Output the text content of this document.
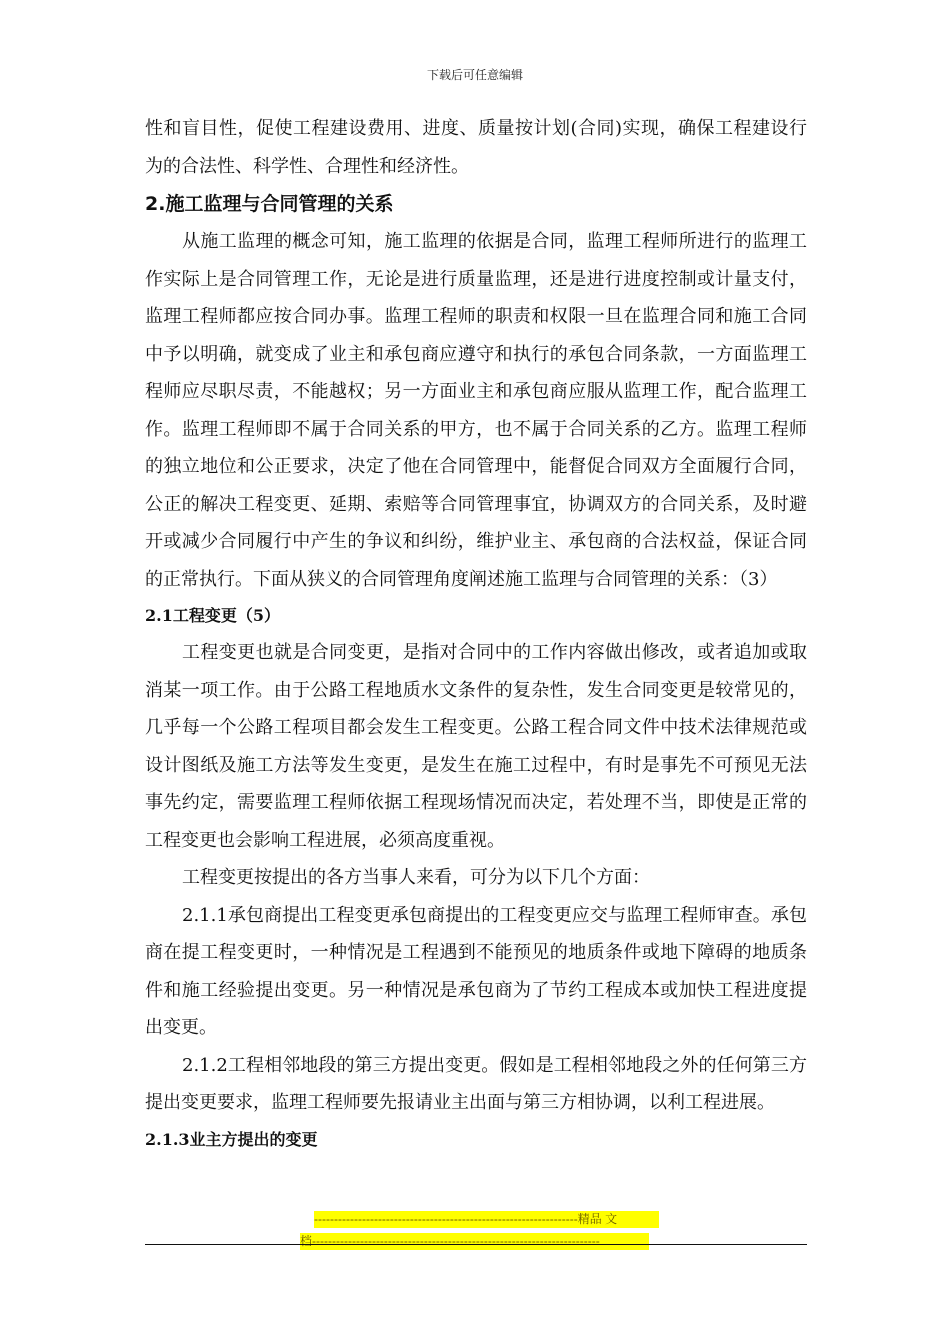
下载后可任意编辑

性和盲目性，促使工程建设费用、进度、质量按计划(合同)实现，确保工程建设行为的合法性、科学性、合理性和经济性。

2.施工监理与合同管理的关系

从施工监理的概念可知，施工监理的依据是合同，监理工程师所进行的监理工作实际上是合同管理工作，无论是进行质量监理，还是进行进度控制或计量支付，监理工程师都应按合同办事。监理工程师的职责和权限一旦在监理合同和施工合同中予以明确，就变成了业主和承包商应遵守和执行的承包合同条款，一方面监理工程师应尽职尽责，不能越权；另一方面业主和承包商应服从监理工作，配合监理工作。监理工程师即不属于合同关系的甲方，也不属于合同关系的乙方。监理工程师的独立地位和公正要求，决定了他在合同管理中，能督促合同双方全面履行合同，公正的解决工程变更、延期、索赔等合同管理事宜，协调双方的合同关系，及时避开或减少合同履行中产生的争议和纠纷，维护业主、承包商的合法权益，保证合同的正常执行。下面从狭义的合同管理角度阐述施工监理与合同管理的关系：（3）

2.1工程变更（5）

工程变更也就是合同变更，是指对合同中的工作内容做出修改，或者追加或取消某一项工作。由于公路工程地质水文条件的复杂性，发生合同变更是较常见的，几乎每一个公路工程项目都会发生工程变更。公路工程合同文件中技术法律规范或设计图纸及施工方法等发生变更，是发生在施工过程中，有时是事先不可预见无法事先约定，需要监理工程师依据工程现场情况而决定，若处理不当，即使是正常的工程变更也会影响工程进展，必须高度重视。

工程变更按提出的各方当事人来看，可分为以下几个方面：

2.1.1承包商提出工程变更承包商提出的工程变更应交与监理工程师审查。承包商在提工程变更时，一种情况是工程遇到不能预见的地质条件或地下障碍的地质条件和施工经验提出变更。另一种情况是承包商为了节约工程成本或加快工程进度提出变更。

2.1.2工程相邻地段的第三方提出变更。假如是工程相邻地段之外的任何第三方提出变更要求，监理工程师要先报请业主出面与第三方相协调，以利工程进展。

2.1.3业主方提出的变更
------------------------------------------------------------------精品 文
档------------------------------------------------------------------------
